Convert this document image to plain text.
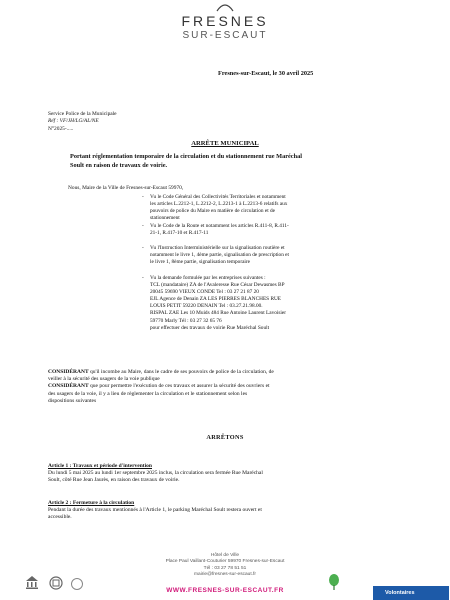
FRESNES
SUR-ESCAUT
Fresnes-sur-Escaut, le 30 avril 2025
Service Police de la Municipale
Réf : VF/JH/LG/AL/NE
N°2025-.....
ARRÊTE MUNICIPAL
Portant réglementation temporaire de la circulation et du stationnement rue Maréchal
Soult en raison de travaux de voirie.
Nous, Maire de la Ville de Fresnes-sur-Escaut 59970,
- Vu le Code Général des Collectivités Territoriales et notamment
les articles L.2212-1, L.2212-2, L.2213-1 à L.2213-6 relatifs aux
pouvoirs de police du Maire en matière de circulation et de
stationnement
- Vu le Code de la Route et notamment les articles R.411-8, R.411-
21-1, R.417-10 et R.417-11
- Vu l'Instruction Interministérielle sur la signalisation routière et
notamment le livre 1, 4ème partie, signalisation de prescription et
le livre 1, 8ème partie, signalisation temporaire
- Vu la demande formulée par les entreprises suivantes :
TCL (mandataire) ZA de l'Avaleresse Rue César Dewasmes BP
20045 59690 VIEUX CONDE Tel : 03 27 21 87 20
EJL Agence de Denain ZA LES PIERRES BLANCHES RUE
LOUIS PETIT 59220 DENAIN Tel : 03.27.21.98.00.
RISPAL ZAE Les 10 Muids 484 Rue Antoine Laurent Lavoisier
59770 Marly Tél : 03 27 32 65 76
pour effectuer des travaux de voirie Rue Maréchal Soult
CONSIDÉRANT qu'il incombe au Maire, dans le cadre de ses pouvoirs de police de la circulation, de
veiller à la sécurité des usagers de la voie publique
CONSIDÉRANT que pour permettre l'exécution de ces travaux et assurer la sécurité des ouvriers et
des usagers de la voie, il y a lieu de règlementer la circulation et le stationnement selon les
dispositions suivantes
ARRÊTONS
Article 1 : Travaux et période d'intervention
Du lundi 5 mai 2025 au lundi 1er septembre 2025 inclus, la circulation sera fermée Rue Maréchal
Soult, côté Rue Jean Jaurès, en raison des travaux de voirie.
Article 2 : Fermeture à la circulation
Pendant la durée des travaux mentionnés à l'Article 1, le parking Maréchal Soult restera ouvert et
accessible.
Hôtel de Ville
Place Paul Vaillant-Couturier 59970 Fresnes-sur-Escaut
Tél : 03 27 78 51 51
mairie@fresnes-sur-escaut.fr
WWW.FRESNES-SUR-ESCAUT.FR	Volontaires
